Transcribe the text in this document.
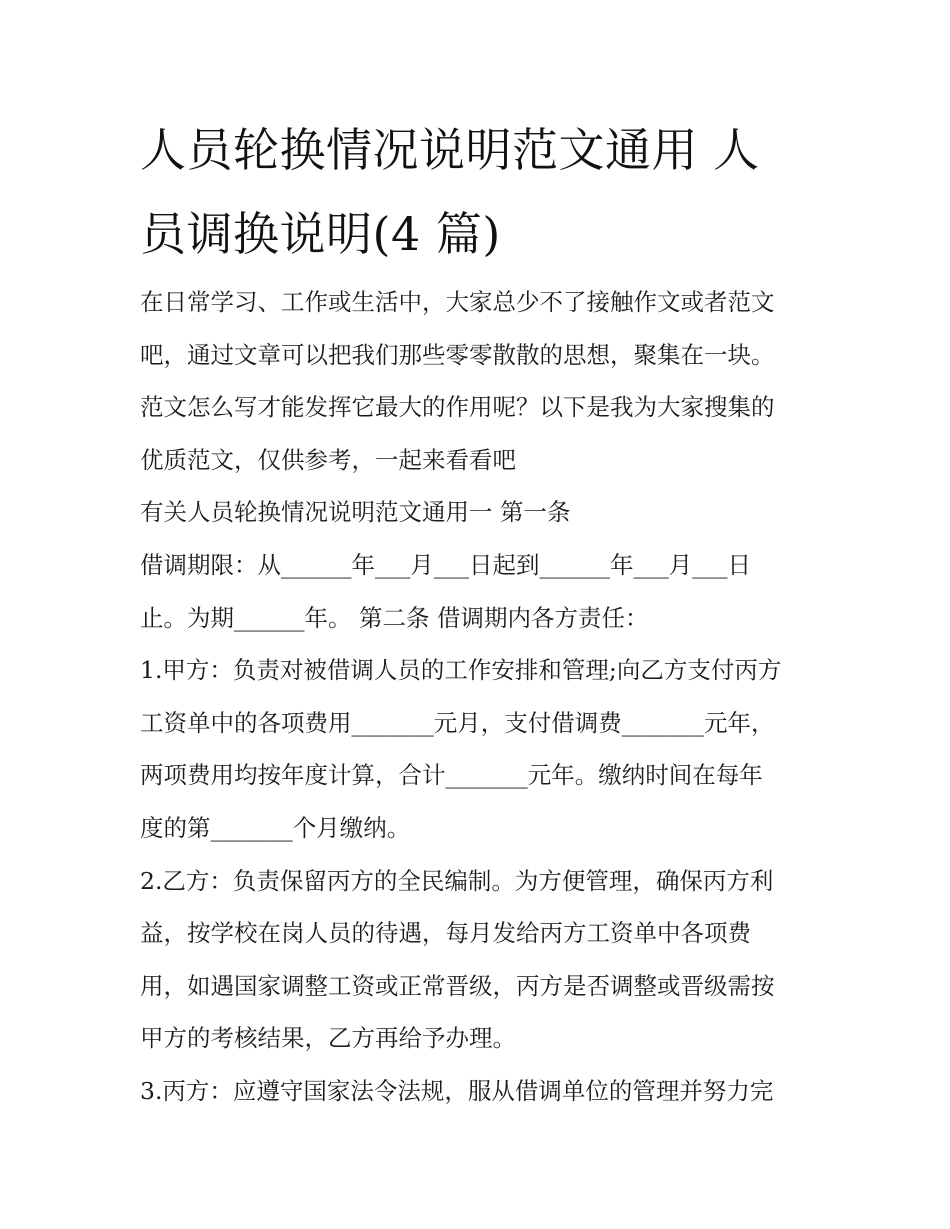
人员轮换情况说明范文通用 人
员调换说明(4 篇)
在日常学习、工作或生活中，大家总少不了接触作文或者范文
吧，通过文章可以把我们那些零零散散的思想，聚集在一块。
范文怎么写才能发挥它最大的作用呢？以下是我为大家搜集的
优质范文，仅供参考，一起来看看吧
有关人员轮换情况说明范文通用一 第一条
借调期限：从______年___月___日起到______年___月___日
止。为期______年。 第二条 借调期内各方责任：
1.甲方：负责对被借调人员的工作安排和管理;向乙方支付丙方
工资单中的各项费用_______元月，支付借调费_______元年，
两项费用均按年度计算，合计_______元年。缴纳时间在每年
度的第_______个月缴纳。
2.乙方：负责保留丙方的全民编制。为方便管理，确保丙方利
益，按学校在岗人员的待遇，每月发给丙方工资单中各项费
用，如遇国家调整工资或正常晋级，丙方是否调整或晋级需按
甲方的考核结果，乙方再给予办理。
3.丙方：应遵守国家法令法规，服从借调单位的管理并努力完
